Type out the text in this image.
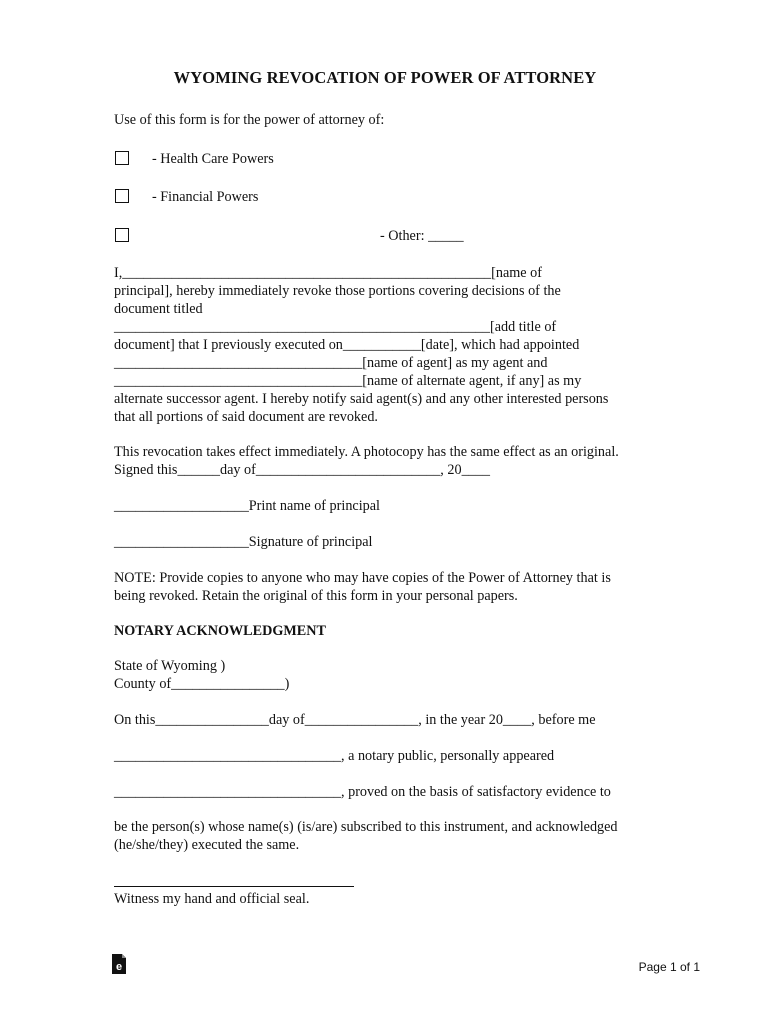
WYOMING REVOCATION OF POWER OF ATTORNEY
Use of this form is for the power of attorney of:
- Health Care Powers
- Financial Powers
- Other: _____
I,____________________________________________________[name of
principal], hereby immediately revoke those portions covering decisions of the
document titled
_____________________________________________________[add title of
document] that I previously executed on___________[date], which had appointed
___________________________________[name of agent] as my agent and
___________________________________[name of alternate agent, if any] as my
alternate successor agent. I hereby notify said agent(s) and any other interested persons
that all portions of said document are revoked.
This revocation takes effect immediately. A photocopy has the same effect as an original.
Signed this______day of__________________________, 20____
___________________Print name of principal
___________________Signature of principal
NOTE: Provide copies to anyone who may have copies of the Power of Attorney that is
being revoked. Retain the original of this form in your personal papers.
NOTARY ACKNOWLEDGMENT
State of Wyoming )
County of________________)
On this________________day of________________, in the year 20____, before me
________________________________, a notary public, personally appeared
________________________________, proved on the basis of satisfactory evidence to
be the person(s) whose name(s) (is/are) subscribed to this instrument, and acknowledged
(he/she/they) executed the same.
Witness my hand and official seal.
e	Page 1 of 1
